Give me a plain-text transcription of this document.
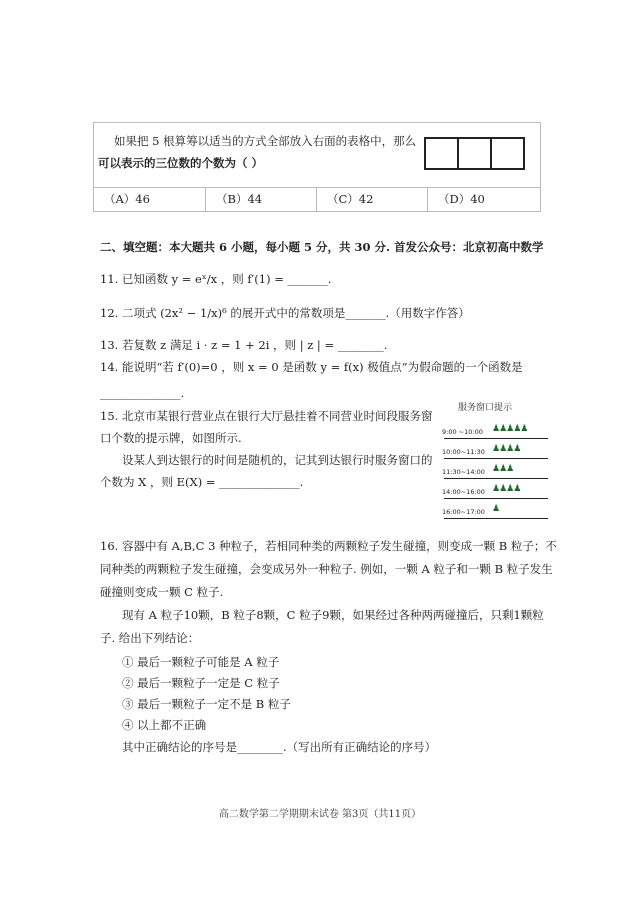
如果把 5 根算筹以适当的方式全部放入右面的表格中，那么
可以表示的三位数的个数为（ ）
（A）46	（B）44	（C）42	（D）40
二、填空题：本大题共 6 小题，每小题 5 分，共 30 分. 首发公众号：北京初高中数学
11. 已知函数 y = eˣ/x ，则 f′(1) = _______.
12. 二项式 (2x² − 1/x)⁶ 的展开式中的常数项是_______.（用数字作答）
13. 若复数 z 满足 i · z = 1 + 2i ，则 | z | = ________.
14. 能说明“若 f′(0)=0 ，则 x = 0 是函数 y = f(x) 极值点”为假命题的一个函数是
______________.
15. 北京市某银行营业点在银行大厅悬挂着不同营业时间段服务窗
口个数的提示牌，如图所示.
设某人到达银行的时间是随机的，记其到达银行时服务窗口的
个数为 X ，则 E(X) = ______________.
服务窗口提示
9:00 ~10:00 ♟♟♟♟♟
10:00~11:30 ♟♟♟♟
11:30~14:00 ♟♟♟
14:00~16:00 ♟♟♟♟
16:00~17:00 ♟
16. 容器中有 A,B,C 3 种粒子，若相同种类的两颗粒子发生碰撞，则变成一颗 B 粒子；不
同种类的两颗粒子发生碰撞，会变成另外一种粒子. 例如，一颗 A 粒子和一颗 B 粒子发生
碰撞则变成一颗 C 粒子.
现有 A 粒子10颗，B 粒子8颗，C 粒子9颗，如果经过各种两两碰撞后，只剩1颗粒
子. 给出下列结论：
① 最后一颗粒子可能是 A 粒子
② 最后一颗粒子一定是 C 粒子
③ 最后一颗粒子一定不是 B 粒子
④ 以上都不正确
其中正确结论的序号是________.（写出所有正确结论的序号）
高二数学第二学期期末试卷 第3页（共11页）
